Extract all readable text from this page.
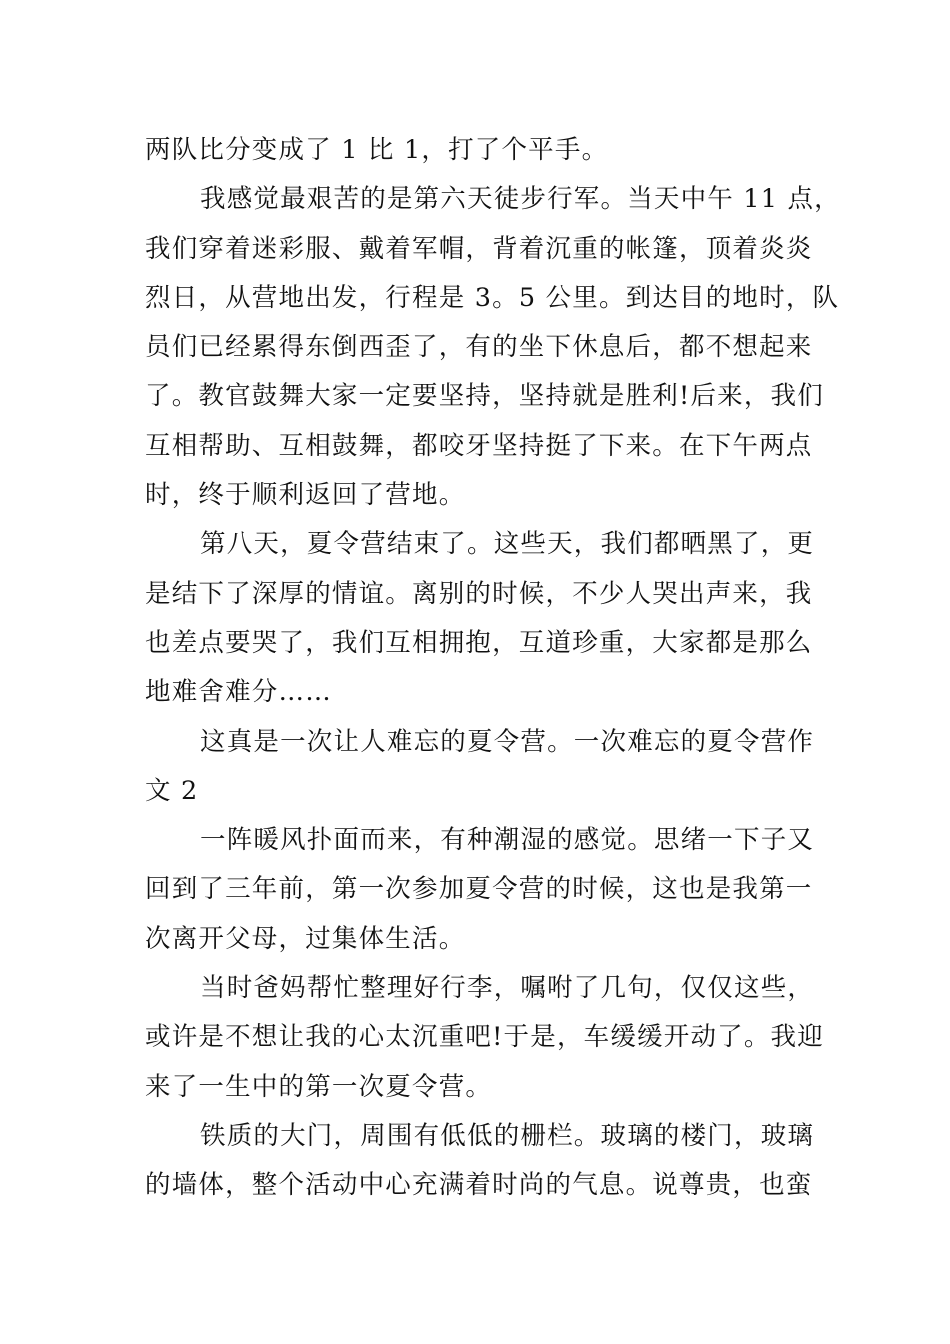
两队比分变成了 1 比 1，打了个平手。
我感觉最艰苦的是第六天徒步行军。当天中午 11 点，
我们穿着迷彩服、戴着军帽，背着沉重的帐篷，顶着炎炎
烈日，从营地出发，行程是 3。5 公里。到达目的地时，队
员们已经累得东倒西歪了，有的坐下休息后，都不想起来
了。教官鼓舞大家一定要坚持，坚持就是胜利!后来，我们
互相帮助、互相鼓舞，都咬牙坚持挺了下来。在下午两点
时，终于顺利返回了营地。
第八天，夏令营结束了。这些天，我们都晒黑了，更
是结下了深厚的情谊。离别的时候，不少人哭出声来，我
也差点要哭了，我们互相拥抱，互道珍重，大家都是那么
地难舍难分……
这真是一次让人难忘的夏令营。一次难忘的夏令营作
文 2
一阵暖风扑面而来，有种潮湿的感觉。思绪一下子又
回到了三年前，第一次参加夏令营的时候，这也是我第一
次离开父母，过集体生活。
当时爸妈帮忙整理好行李，嘱咐了几句，仅仅这些，
或许是不想让我的心太沉重吧!于是，车缓缓开动了。我迎
来了一生中的第一次夏令营。
铁质的大门，周围有低低的栅栏。玻璃的楼门，玻璃
的墙体，整个活动中心充满着时尚的气息。说尊贵，也蛮
